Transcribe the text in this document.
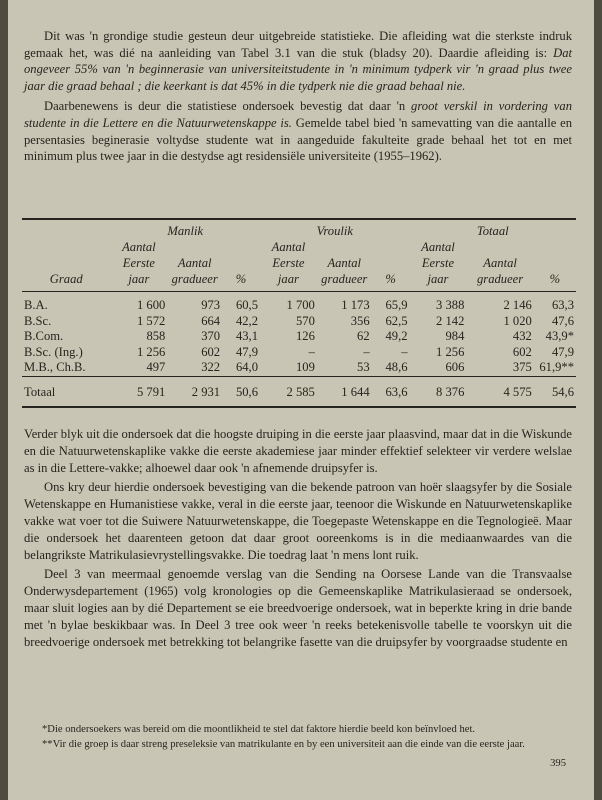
Dit was 'n grondige studie gesteun deur uitgebreide statistieke. Die afleiding wat die sterkste indruk gemaak het, was dié na aanleiding van Tabel 3.1 van die stuk (bladsy 20). Daardie afleiding is: Dat ongeveer 55% van 'n beginnerasie van universiteitstudente in 'n minimum tydperk vir 'n graad plus twee jaar die graad behaal ; die keerkant is dat 45% in die tydperk nie die graad behaal nie.

Daarbenewens is deur die statistiese ondersoek bevestig dat daar 'n groot verskil in vordering van studente in die Lettere en die Natuurwetenskappe is. Gemelde tabel bied 'n samevatting van die aantalle en persentasies beginerasie voltydse studente wat in aangeduide fakulteite grade behaal het tot en met minimum plus twee jaar in die destydse agt residensiële universiteite (1955–1962).

	Manlik			Vroulik			Totaal		
Graad	Aantal Eerste jaar	Aantal gradueer	%	Aantal Eerste jaar	Aantal gradueer	%	Aantal Eerste jaar	Aantal gradueer	%
B.A.	1 600	973	60,5	1 700	1 173	65,9	3 388	2 146	63,3
B.Sc.	1 572	664	42,2	570	356	62,5	2 142	1 020	47,6
B.Com.	858	370	43,1	126	62	49,2	984	432	43,9*
B.Sc. (Ing.)	1 256	602	47,9	–	–	–	1 256	602	47,9
M.B., Ch.B.	497	322	64,0	109	53	48,6	606	375	61,9**
Totaal	5 791	2 931	50,6	2 585	1 644	63,6	8 376	4 575	54,6

Verder blyk uit die ondersoek dat die hoogste druiping in die eerste jaar plaasvind, maar dat in die Wiskunde en die Natuurwetenskaplike vakke die eerste akademiese jaar minder effektief selekteer vir verdere welslae as in die Lettere-vakke; alhoewel daar ook 'n afnemende druipsyfer is.

Ons kry deur hierdie ondersoek bevestiging van die bekende patroon van hoër slaagsyfer by die Sosiale Wetenskappe en Humanistiese vakke, veral in die eerste jaar, teenoor die Wiskunde en Natuurwetenskaplike vakke wat voer tot die Suiwere Natuurwetenskappe, die Toegepaste Wetenskappe en die Tegnologieë. Maar die ondersoek het daarenteen getoon dat daar groot ooreenkoms is in die mediaanwaardes van die belangrikste Matrikulasievrystellingsvakke. Die toedrag laat 'n mens lont ruik.

Deel 3 van meermaal genoemde verslag van die Sending na Oorsese Lande van die Transvaalse Onderwysdepartement (1965) volg kronologies op die Gemeenskaplike Matrikulasieraad se ondersoek, maar sluit logies aan by dié Departement se eie breedvoerige ondersoek, wat in beperkte kring in drie bande met 'n bylae beskikbaar was. In Deel 3 tree ook weer 'n reeks betekenisvolle tabelle te voorskyn uit die breedvoerige ondersoek met betrekking tot belangrike fasette van die druipsyfer by voorgraadse studente en

*Die ondersoekers was bereid om die moontlikheid te stel dat faktore hierdie beeld kon beïnvloed het.

**Vir die groep is daar streng preseleksie van matrikulante en by een universiteit aan die einde van die eerste jaar.

395
